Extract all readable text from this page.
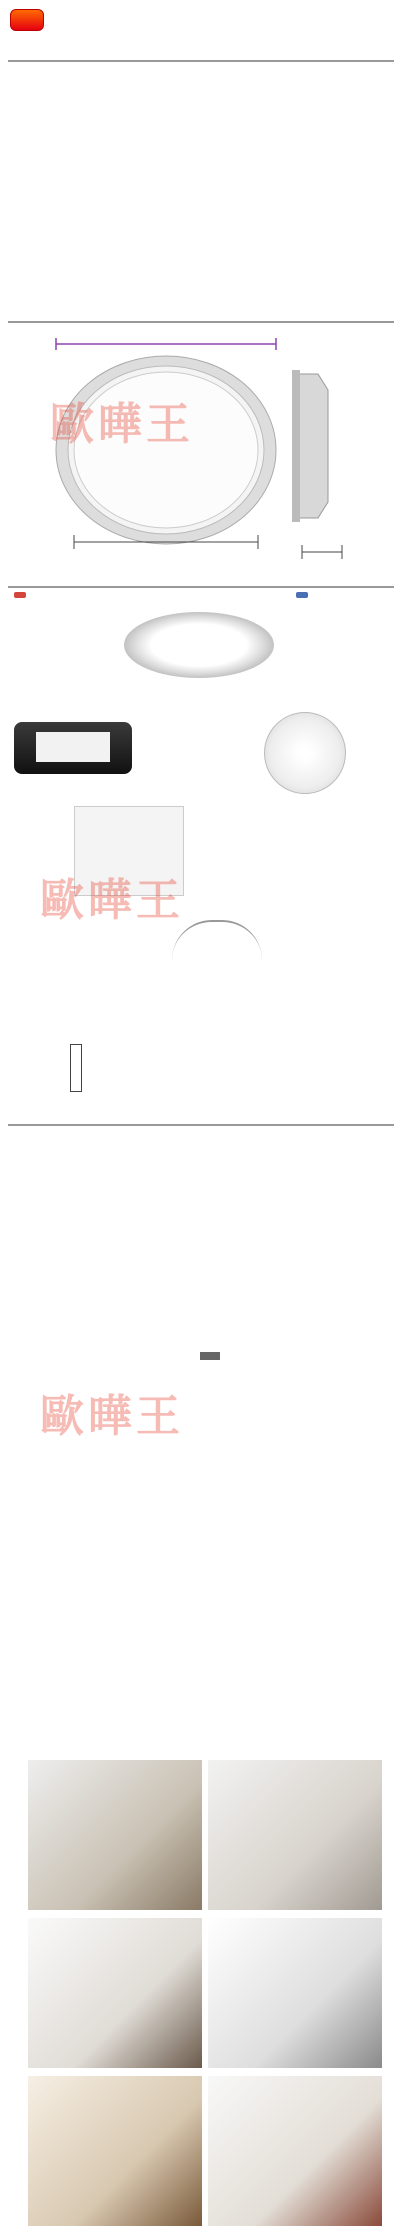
歐曄王
歐曄王
歐曄王
